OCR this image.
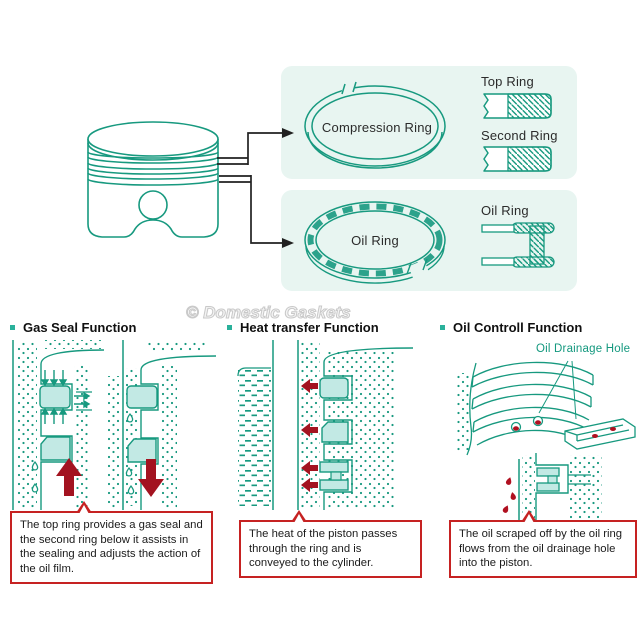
Compression Ring
Oil Ring
Top Ring
Second Ring
Oil Ring
© Domestic Gaskets
Gas Seal Function	Heat transfer Function	Oil Controll Function
Oil Drainage Hole
The top ring provides a gas seal and the second ring below it assists in the sealing and adjusts the action of the oil film.
The heat of the piston passes through the ring and is conveyed to the cylinder.
The oil scraped off by the oil ring flows from the oil drainage hole into the piston.
